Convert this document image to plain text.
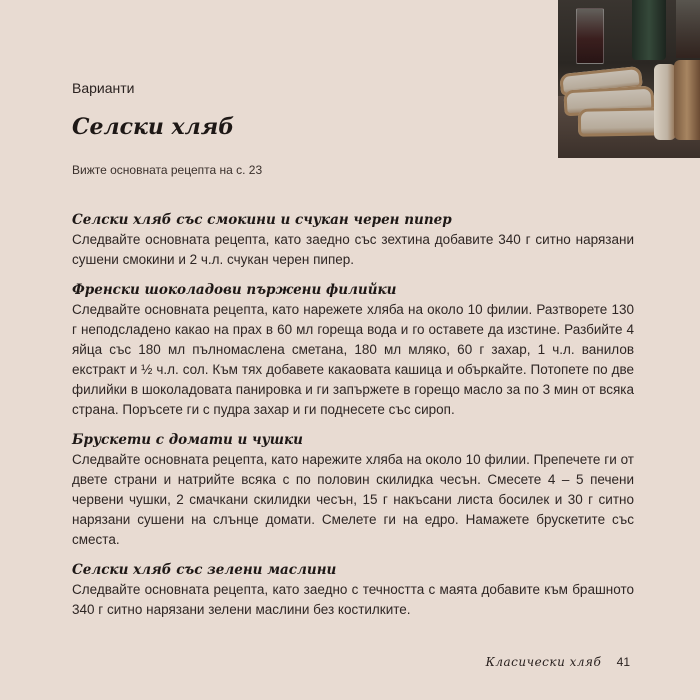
Варианти

Селски хляб

Вижте основната рецепта на с. 23

Селски хляб със смокини и счукан черен пипер

Следвайте основната рецепта, като заедно със зехтина добавите 340 г ситно нарязани сушени смокини и 2 ч.л. счукан черен пипер.

Френски шоколадови пържени филийки

Следвайте основната рецепта, като нарежете хляба на около 10 филии. Разтворете 130 г неподсладено какао на прах в 60 мл гореща вода и го оставете да изстине. Разбийте 4 яйца със 180 мл пълномаслена сметана, 180 мл мляко, 60 г захар, 1 ч.л. ванилов екстракт и ½ ч.л. сол. Към тях добавете какаовата кашица и объркайте. Потопете по две филийки в шоколадовата панировка и ги запържете в горещо масло за по 3 мин от всяка страна. Поръсете ги с пудра захар и ги поднесете със сироп.

Брускети с домати и чушки

Следвайте основната рецепта, като нарежите хляба на около 10 филии. Препечете ги от двете страни и натрийте всяка с по половин скилидка чесън. Смесете 4 – 5 печени червени чушки, 2 смачкани скилидки чесън, 15 г накъсани листа босилек и 30 г ситно нарязани сушени на слънце домати. Смелете ги на едро. Намажете брускетите със сместа.

Селски хляб със зелени маслини

Следвайте основната рецепта, като заедно с течността с маята добавите към брашното 340 г ситно нарязани зелени маслини без костилките.

Класически хляб 41
